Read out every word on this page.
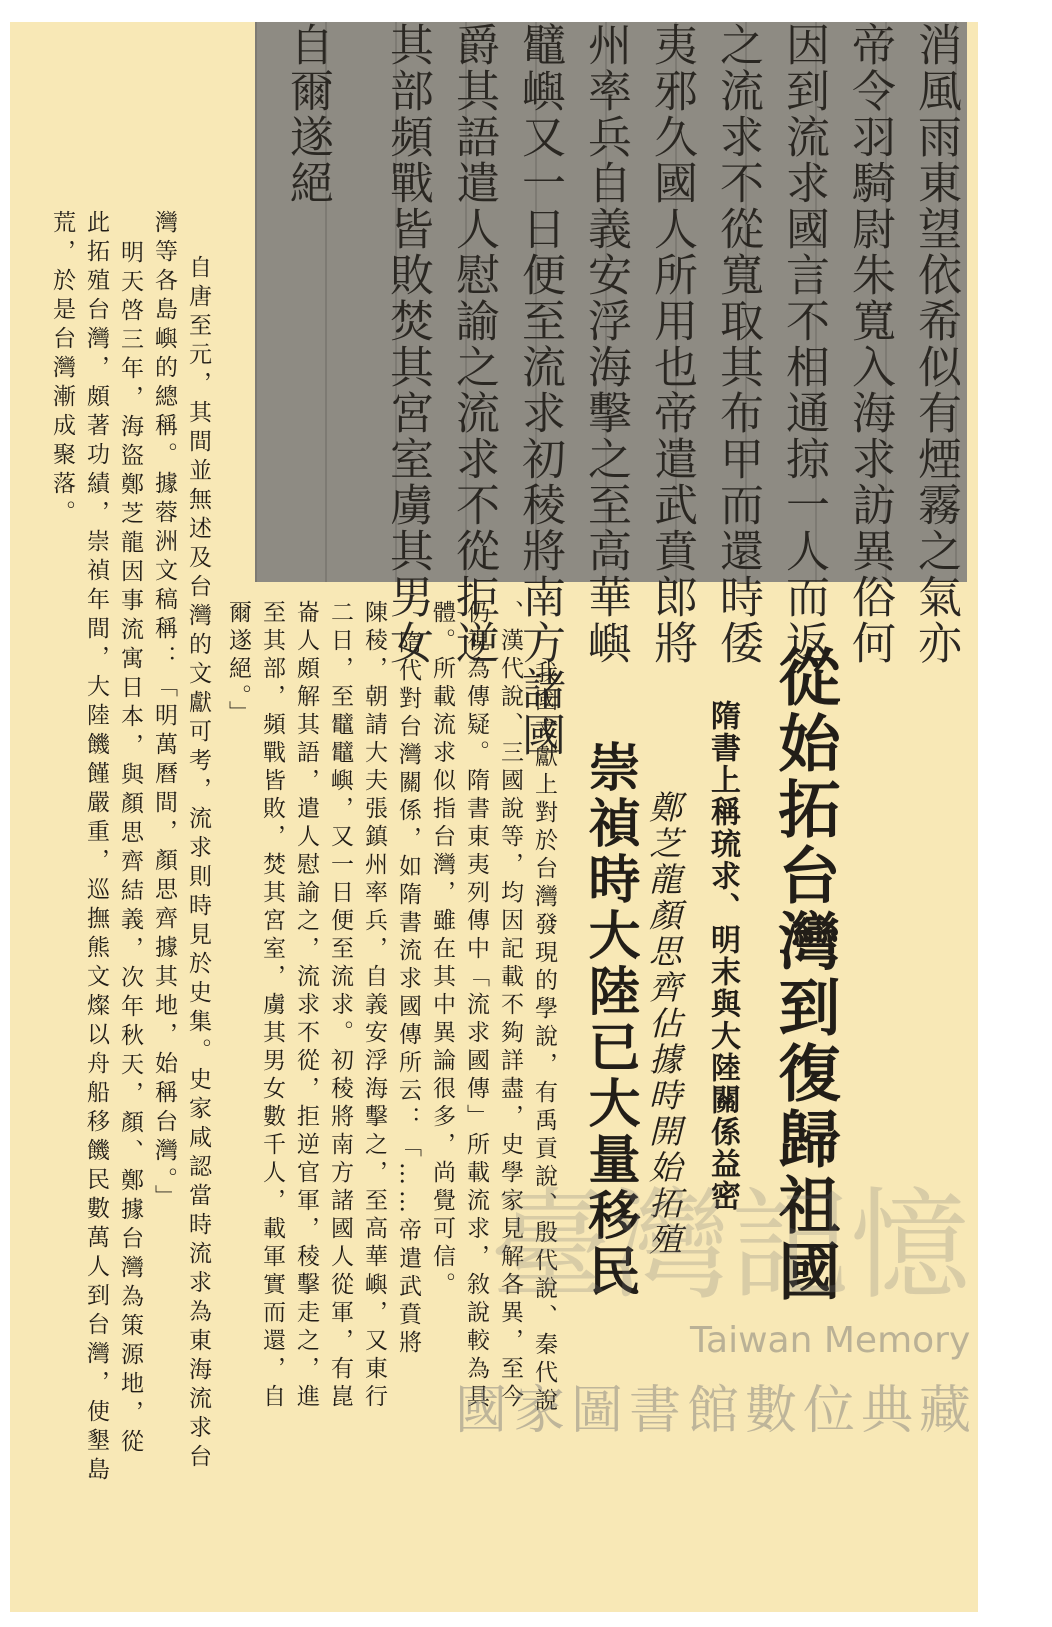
消風雨東望依希似有煙霧之氣亦
帝令羽騎尉朱寬入海求訪異俗何
因到流求國言不相通掠一人而返
之流求不從寬取其布甲而還時倭
夷邪久國人所用也帝遣武賁郎將
州率兵自義安浮海擊之至高華嶼
鼊嶼又一日便至流求初稜將南方諸國
爵其語遣人慰諭之流求不從拒逆
其部頻戰皆敗焚其宮室虜其男女
自爾遂絕
從始拓台灣到復歸祖國
隋書上稱琉求、明末與大陸關係益密
鄭芝龍顏思齊佔據時開始拓殖
崇禎時大陸已大量移民
我國文獻上對於台灣發現的學說，有禹貢說、殷代說、秦代說
、漢代說、三國說等，均因記載不夠詳盡，史學家見解各異，至今
仍視為傳疑。隋書東夷列傳中「流求國傳」所載流求，敘說較為具
體。所載流求似指台灣，雖在其中異論很多，尚覺可信。
隋代對台灣關係，如隋書流求國傳所云：「……帝遣武賁將
陳稜，朝請大夫張鎮州率兵，自義安浮海擊之，至高華嶼，又東行
二日，至鼊鼊嶼，又一日便至流求。初稜將南方諸國人從軍，有崑
崙人頗解其語，遣人慰諭之，流求不從，拒逆官軍，稜擊走之，進
至其部，頻戰皆敗，焚其宮室，虜其男女數千人，載軍實而還，自
爾遂絕。」
自唐至元，其間並無述及台灣的文獻可考，流求則時見於史集。史家咸認當時流求為東海流求台
灣等各島嶼的總稱。據蓉洲文稿稱：「明萬曆間，顏思齊據其地，始稱台灣。」
明天啓三年，海盜鄭芝龍因事流寓日本，與顏思齊結義，次年秋天，顏、鄭據台灣為策源地，從
此拓殖台灣，頗著功績，崇禎年間，大陸饑饉嚴重，巡撫熊文燦以舟船移饑民數萬人到台灣，使墾島
荒，於是台灣漸成聚落。
臺灣記憶
Taiwan Memory
國家圖書館數位典藏
